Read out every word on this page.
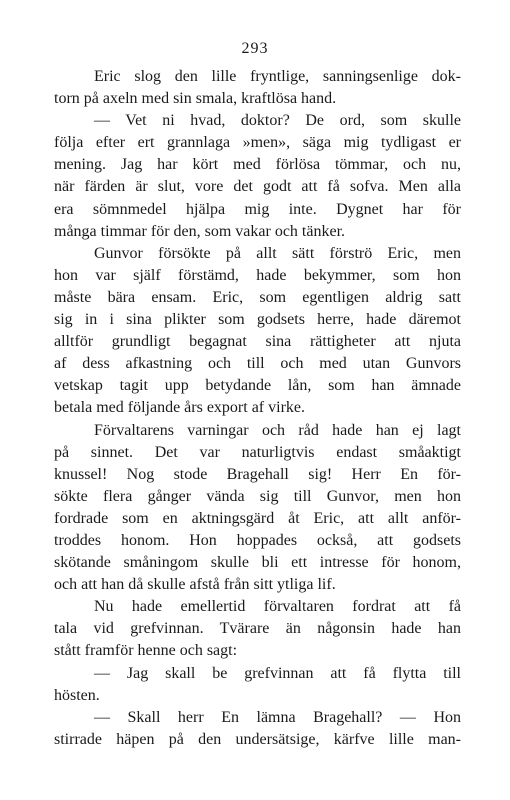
293
Eric slog den lille fryntlige, sanningsenlige dok-
torn på axeln med sin smala, kraftlösa hand.
— Vet ni hvad, doktor? De ord, som skulle
följa efter ert grannlaga »men», säga mig tydligast er
mening. Jag har kört med förlösa tömmar, och nu,
när färden är slut, vore det godt att få sofva. Men alla
era sömnmedel hjälpa mig inte. Dygnet har för
många timmar för den, som vakar och tänker.
Gunvor försökte på allt sätt förströ Eric, men
hon var själf förstämd, hade bekymmer, som hon
måste bära ensam. Eric, som egentligen aldrig satt
sig in i sina plikter som godsets herre, hade däremot
alltför grundligt begagnat sina rättigheter att njuta
af dess afkastning och till och med utan Gunvors
vetskap tagit upp betydande lån, som han ämnade
betala med följande års export af virke.
Förvaltarens varningar och råd hade han ej lagt
på sinnet. Det var naturligtvis endast småaktigt
knussel! Nog stode Bragehall sig! Herr En för-
sökte flera gånger vända sig till Gunvor, men hon
fordrade som en aktningsgärd åt Eric, att allt anför-
troddes honom. Hon hoppades också, att godsets
skötande småningom skulle bli ett intresse för honom,
och att han då skulle afstå från sitt ytliga lif.
Nu hade emellertid förvaltaren fordrat att få
tala vid grefvinnan. Tvärare än någonsin hade han
stått framför henne och sagt:
— Jag skall be grefvinnan att få flytta till
hösten.
— Skall herr En lämna Bragehall? — Hon
stirrade häpen på den undersätsige, kärfve lille man-
